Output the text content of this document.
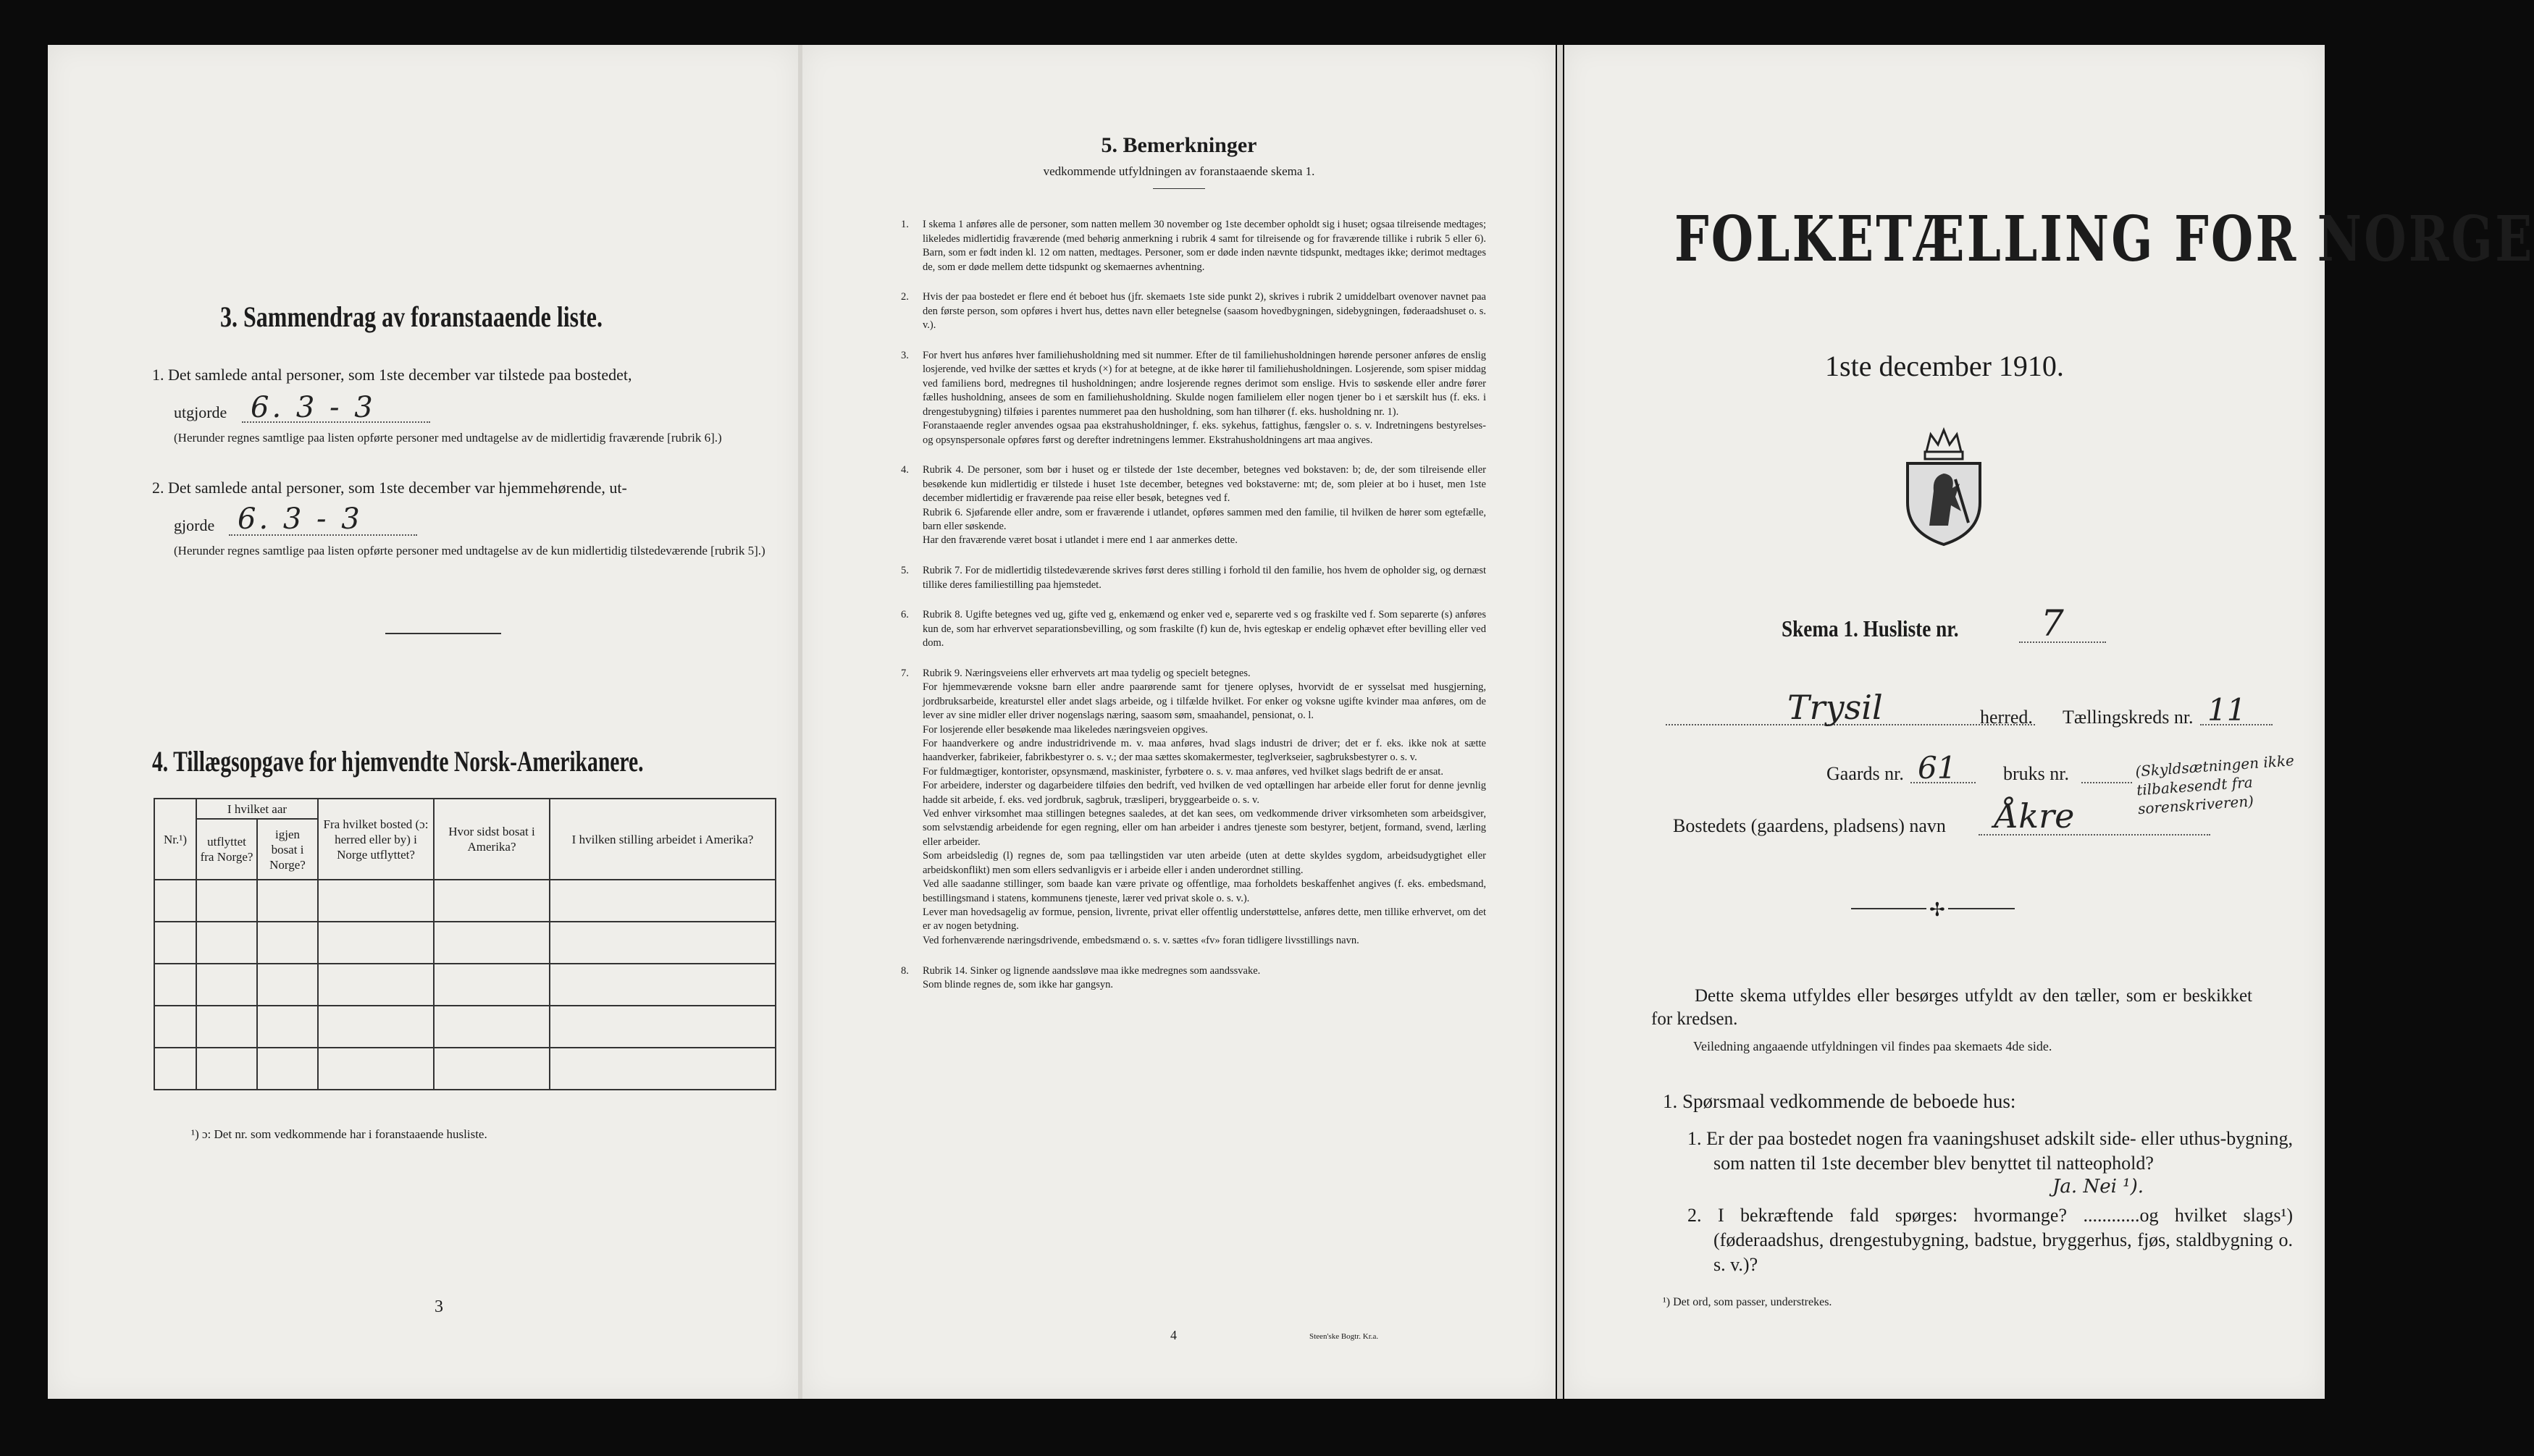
3. Sammendrag av foranstaaende liste.
1. Det samlede antal personer, som 1ste december var tilstede paa bostedet,
utgjorde 6. 3 - 3
(Herunder regnes samtlige paa listen opførte personer med undtagelse av de midlertidig fraværende [rubrik 6].)
2. Det samlede antal personer, som 1ste december var hjemmehørende, ut-
gjorde 6. 3 - 3
(Herunder regnes samtlige paa listen opførte personer med undtagelse av de kun midlertidig tilstedeværende [rubrik 5].)
4. Tillægsopgave for hjemvendte Norsk-Amerikanere.
Nr.¹)	I hvilket aar		Fra hvilket bosted (ɔ: herred eller by) i Norge utflyttet?	Hvor sidst bosat i Amerika?	I hvilken stilling arbeidet i Amerika?
	utflyttet fra Norge?	igjen bosat i Norge?			

¹) ɔ: Det nr. som vedkommende har i foranstaaende husliste.
3
5. Bemerkninger
vedkommende utfyldningen av foranstaaende skema 1.

1. I skema 1 anføres alle de personer, som natten mellem 30 november og 1ste december opholdt sig i huset; ogsaa tilreisende medtages; likeledes midlertidig fraværende (med behørig anmerkning i rubrik 4 samt for tilreisende og for fraværende tillike i rubrik 5 eller 6). Barn, som er født inden kl. 12 om natten, medtages. Personer, som er døde inden nævnte tidspunkt, medtages ikke; derimot medtages de, som er døde mellem dette tidspunkt og skemaernes avhentning.

2. Hvis der paa bostedet er flere end ét beboet hus (jfr. skemaets 1ste side punkt 2), skrives i rubrik 2 umiddelbart ovenover navnet paa den første person, som opføres i hvert hus, dettes navn eller betegnelse (saasom hovedbygningen, sidebygningen, føderaadshuset o. s. v.).

3. For hvert hus anføres hver familiehusholdning med sit nummer. Efter de til familiehusholdningen hørende personer anføres de enslig losjerende, ved hvilke der sættes et kryds (×) for at betegne, at de ikke hører til familiehusholdningen. Losjerende, som spiser middag ved familiens bord, medregnes til husholdningen; andre losjerende regnes derimot som enslige. Hvis to søskende eller andre fører fælles husholdning, ansees de som en familiehusholdning. Skulde nogen familielem eller nogen tjener bo i et særskilt hus (f. eks. i drengestubygning) tilføies i parentes nummeret paa den husholdning, som han tilhører (f. eks. husholdning nr. 1).
Foranstaaende regler anvendes ogsaa paa ekstrahusholdninger, f. eks. sykehus, fattighus, fængsler o. s. v. Indretningens bestyrelses- og opsynspersonale opføres først og derefter indretningens lemmer. Ekstrahusholdningens art maa angives.

4. Rubrik 4. De personer, som bør i huset og er tilstede der 1ste december, betegnes ved bokstaven: b; de, der som tilreisende eller besøkende kun midlertidig er tilstede i huset 1ste december, betegnes ved bokstaverne: mt; de, som pleier at bo i huset, men 1ste december midlertidig er fraværende paa reise eller besøk, betegnes ved f.
Rubrik 6. Sjøfarende eller andre, som er fraværende i utlandet, opføres sammen med den familie, til hvilken de hører som egtefælle, barn eller søskende.
Har den fraværende været bosat i utlandet i mere end 1 aar anmerkes dette.

5. Rubrik 7. For de midlertidig tilstedeværende skrives først deres stilling i forhold til den familie, hos hvem de opholder sig, og dernæst tillike deres familiestilling paa hjemstedet.

6. Rubrik 8. Ugifte betegnes ved ug, gifte ved g, enkemænd og enker ved e, separerte ved s og fraskilte ved f. Som separerte (s) anføres kun de, som har erhvervet separationsbevilling, og som fraskilte (f) kun de, hvis egteskap er endelig ophævet efter bevilling eller ved dom.

7. Rubrik 9. Næringsveiens eller erhvervets art maa tydelig og specielt betegnes.
For hjemmeværende voksne barn eller andre paarørende samt for tjenere oplyses, hvorvidt de er sysselsat med husgjerning, jordbruksarbeide, kreaturstel eller andet slags arbeide, og i tilfælde hvilket. For enker og voksne ugifte kvinder maa anføres, om de lever av sine midler eller driver nogenslags næring, saasom søm, smaahandel, pensionat, o. l.
For losjerende eller besøkende maa likeledes næringsveien opgives.
For haandverkere og andre industridrivende m. v. maa anføres, hvad slags industri de driver; det er f. eks. ikke nok at sætte haandverker, fabrikeier, fabrikbestyrer o. s. v.; der maa sættes skomakermester, teglverkseier, sagbruksbestyrer o. s. v.
For fuldmægtiger, kontorister, opsynsmænd, maskinister, fyrbøtere o. s. v. maa anføres, ved hvilket slags bedrift de er ansat.
For arbeidere, inderster og dagarbeidere tilføies den bedrift, ved hvilken de ved optællingen har arbeide eller forut for denne jevnlig hadde sit arbeide, f. eks. ved jordbruk, sagbruk, træsliperi, bryggearbeide o. s. v.
Ved enhver virksomhet maa stillingen betegnes saaledes, at det kan sees, om vedkommende driver virksomheten som arbeidsgiver, som selvstændig arbeidende for egen regning, eller om han arbeider i andres tjeneste som bestyrer, betjent, formand, svend, lærling eller arbeider.
Som arbeidsledig (l) regnes de, som paa tællingstiden var uten arbeide (uten at dette skyldes sygdom, arbeidsudygtighet eller arbeidskonflikt) men som ellers sedvanligvis er i arbeide eller i anden underordnet stilling.
Ved alle saadanne stillinger, som baade kan være private og offentlige, maa forholdets beskaffenhet angives (f. eks. embedsmand, bestillingsmand i statens, kommunens tjeneste, lærer ved privat skole o. s. v.).
Lever man hovedsagelig av formue, pension, livrente, privat eller offentlig understøttelse, anføres dette, men tillike erhvervet, om det er av nogen betydning.
Ved forhenværende næringsdrivende, embedsmænd o. s. v. sættes «fv» foran tidligere livsstillings navn.

8. Rubrik 14. Sinker og lignende aandssløve maa ikke medregnes som aandssvake.
Som blinde regnes de, som ikke har gangsyn.

4	Steen'ske Bogtr. Kr.a.
FOLKETÆLLING FOR NORGE
1ste december 1910.
Skema 1. Husliste nr. 7
Trysil	herred. Tællingskreds nr. 11
Gaards nr. 61 bruks nr.	(Skyldsætningen ikke tilbakesendt fra sorenskriveren)
Bostedets (gaardens, pladsens) navn Åkre
✢
Dette skema utfyldes eller besørges utfyldt av den tæller, som er beskikket for kredsen.
Veiledning angaaende utfyldningen vil findes paa skemaets 4de side.
1. Spørsmaal vedkommende de beboede hus:
1. Er der paa bostedet nogen fra vaaningshuset adskilt side- eller uthus-bygning, som natten til 1ste december blev benyttet til natteophold?
Ja. Nei ¹).
2. I bekræftende fald spørges: hvormange? ............og hvilket slags¹) (føderaadshus, drengestubygning, badstue, bryggerhus, fjøs, staldbygning o. s. v.)?
¹) Det ord, som passer, understrekes.
